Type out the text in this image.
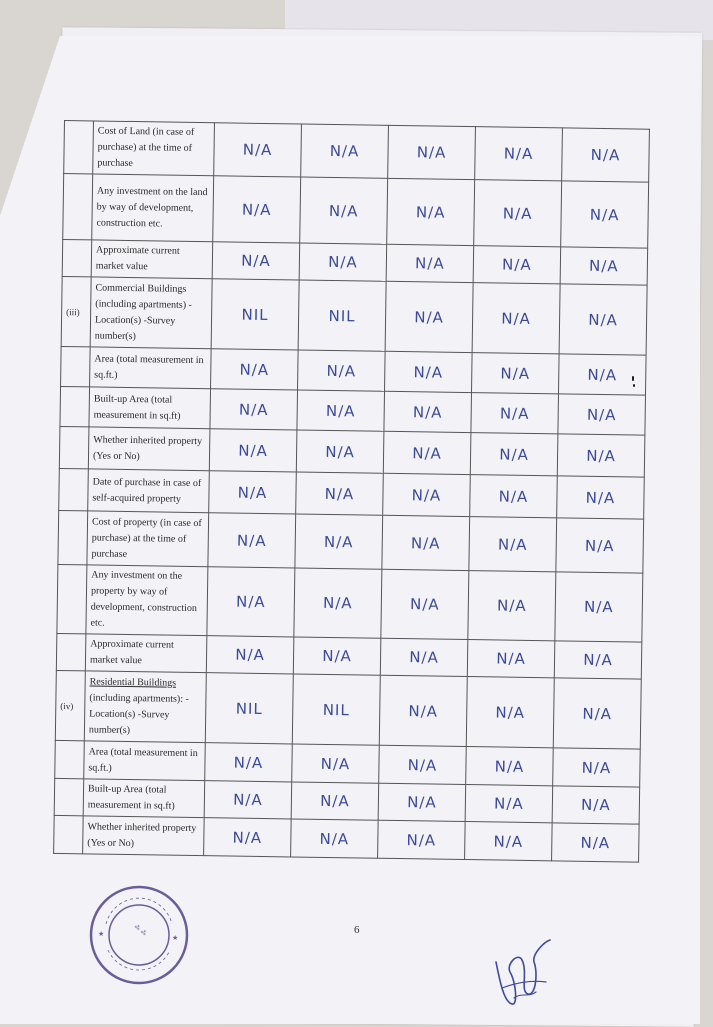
	Cost of Land (in case of purchase) at the time of purchase	N/A	N/A	N/A	N/A	N/A
	Any investment on the land by way of development, construction etc.	N/A	N/A	N/A	N/A	N/A
	Approximate current market value	N/A	N/A	N/A	N/A	N/A
(iii)	Commercial Buildings (including apartments) -Location(s) -Survey number(s)	NIL	NIL	N/A	N/A	N/A
	Area (total measurement in sq.ft.)	N/A	N/A	N/A	N/A	N/A
	Built-up Area (total measurement in sq.ft)	N/A	N/A	N/A	N/A	N/A
	Whether inherited property (Yes or No)	N/A	N/A	N/A	N/A	N/A
	Date of purchase in case of self-acquired property	N/A	N/A	N/A	N/A	N/A
	Cost of property (in case of purchase) at the time of purchase	N/A	N/A	N/A	N/A	N/A
	Any investment on the property by way of development, construction etc.	N/A	N/A	N/A	N/A	N/A
	Approximate current market value	N/A	N/A	N/A	N/A	N/A
(iv)	Residential Buildings (including apartments): -Location(s) -Survey number(s)	NIL	NIL	N/A	N/A	N/A
	Area (total measurement in sq.ft.)	N/A	N/A	N/A	N/A	N/A
	Built-up Area (total measurement in sq.ft)	N/A	N/A	N/A	N/A	N/A
	Whether inherited property (Yes or No)	N/A	N/A	N/A	N/A	N/A
6
⁂ ⁂
★	★
